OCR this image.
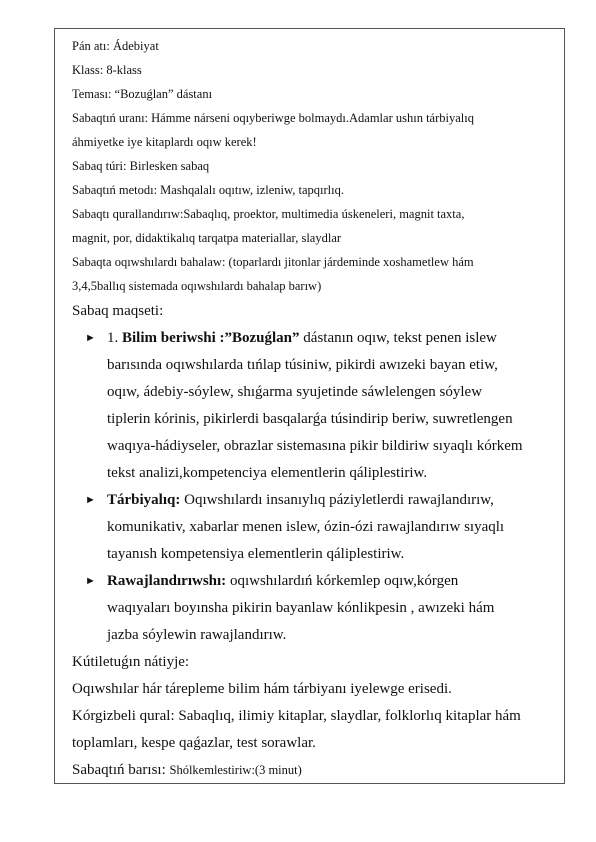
Pán atı: Ádebiyat

Klass: 8-klass

Teması: “Bozuǵlan” dástanı

Sabaqtıń uranı: Hámme nárseni oqıyberiwge bolmaydı.Adamlar ushın tárbiyalıq

áhmiyetke iye kitaplardı oqıw kerek!

Sabaq túri: Birlesken sabaq

Sabaqtıń metodı: Mashqalalı oqıtıw, izleniw, tapqırlıq.

Sabaqtı qurallandırıw:Sabaqlıq, proektor, multimedia úskeneleri, magnit taxta,

magnit, por, didaktikalıq tarqatpa materiallar, slaydlar

Sabaqta oqıwshılardı bahalaw: (toparlardı jitonlar járdeminde xoshametlew hám

3,4,5ballıq sistemada oqıwshılardı bahalap barıw)

Sabaq maqseti:

► 1. Bilim beriwshi :”Bozuǵlan” dástanın oqıw, tekst penen islew

barısında oqıwshılarda tıńlap túsiniw, pikirdi awızeki bayan etiw,

oqıw, ádebiy-sóylew, shıǵarma syujetinde sáwlelengen sóylew

tiplerin kórinis, pikirlerdi basqalarǵa túsindirip beriw, suwretlengen

waqıya-hádiyseler, obrazlar sistemasına pikir bildiriw sıyaqlı kórkem

tekst analizi,kompetenciya elementlerin qáliplestiriw.

► Tárbiyalıq: Oqıwshılardı insanıylıq páziyletlerdi rawajlandırıw,

komunikativ, xabarlar menen islew, ózin-ózi rawajlandırıw sıyaqlı

tayanısh kompetensiya elementlerin qáliplestiriw.

► Rawajlandırıwshı: oqıwshılardıń kórkemlep oqıw,kórgen

waqıyaları boyınsha pikirin bayanlaw kónlikpesin , awızeki hám

jazba sóylewin rawajlandırıw.

Kútiletuǵın nátiyje:

Oqıwshılar hár tárepleme bilim hám tárbiyanı iyelewge erisedi.

Kórgizbeli qural: Sabaqlıq, ilimiy kitaplar, slaydlar, folklorlıq kitaplar hám

toplamları, kespe qaǵazlar, test sorawlar.

Sabaqtıń barısı: Shólkemlestiriw:(3 minut)
